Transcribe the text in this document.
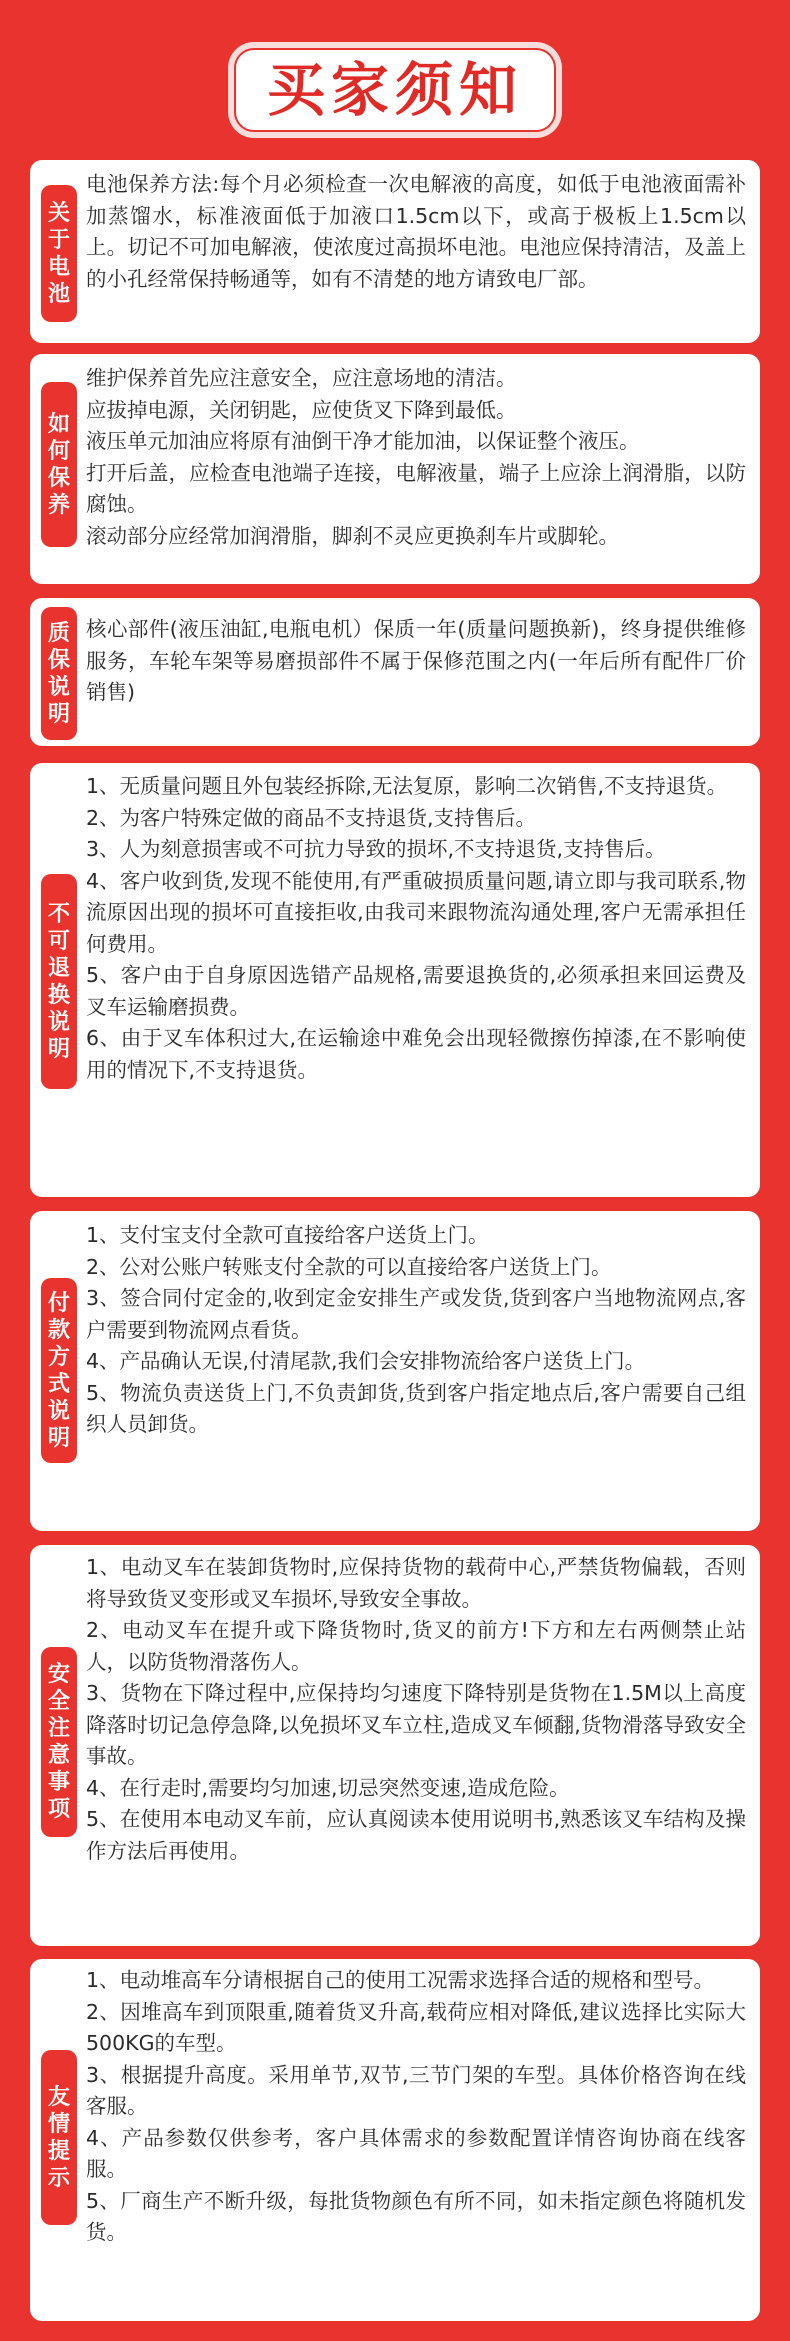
买家须知
关
于
电
池

电池保养方法:每个月必须检查一次电解液的高度，如低于电池液面需补加蒸馏水，标准液面低于加液口1.5cm以下，或高于极板上1.5cm以上。切记不可加电解液，使浓度过高损坏电池。电池应保持清洁，及盖上的小孔经常保持畅通等，如有不清楚的地方请致电厂部。

如
何
保
养

维护保养首先应注意安全，应注意场地的清洁。

应拔掉电源，关闭钥匙，应使货叉下降到最低。

液压单元加油应将原有油倒干净才能加油，以保证整个液压。

打开后盖，应检查电池端子连接，电解液量，端子上应涂上润滑脂，以防腐蚀。

滚动部分应经常加润滑脂，脚刹不灵应更换刹车片或脚轮。

质
保
说
明

核心部件(液压油缸,电瓶电机）保质一年(质量问题换新)，终身提供维修服务，车轮车架等易磨损部件不属于保修范围之内(一年后所有配件厂价销售)

不
可
退
换
说
明

1、无质量问题且外包装经拆除,无法复原，影响二次销售,不支持退货。

2、为客户特殊定做的商品不支持退货,支持售后。

3、人为刻意损害或不可抗力导致的损坏,不支持退货,支持售后。

4、客户收到货,发现不能使用,有严重破损质量问题,请立即与我司联系,物流原因出现的损坏可直接拒收,由我司来跟物流沟通处理,客户无需承担任何费用。

5、客户由于自身原因选错产品规格,需要退换货的,必须承担来回运费及叉车运输磨损费。

6、由于叉车体积过大,在运输途中难免会出现轻微擦伤掉漆,在不影响使用的情况下,不支持退货。

付
款
方
式
说
明

1、支付宝支付全款可直接给客户送货上门。

2、公对公账户转账支付全款的可以直接给客户送货上门。

3、签合同付定金的,收到定金安排生产或发货,货到客户当地物流网点,客户需要到物流网点看货。

4、产品确认无误,付清尾款,我们会安排物流给客户送货上门。

5、物流负责送货上门,不负责卸货,货到客户指定地点后,客户需要自己组织人员卸货。

安
全
注
意
事
项

1、电动叉车在装卸货物时,应保持货物的载荷中心,严禁货物偏载，否则将导致货叉变形或叉车损坏,导致安全事故。

2、电动叉车在提升或下降货物时,货叉的前方!下方和左右两侧禁止站人，以防货物滑落伤人。

3、货物在下降过程中,应保持均匀速度下降特别是货物在1.5M以上高度降落时切记急停急降,以免损坏叉车立柱,造成叉车倾翻,货物滑落导致安全事故。

4、在行走时,需要均匀加速,切忌突然变速,造成危险。

5、在使用本电动叉车前，应认真阅读本使用说明书,熟悉该叉车结构及操作方法后再使用。

友
情
提
示

1、电动堆高车分请根据自己的使用工况需求选择合适的规格和型号。

2、因堆高车到顶限重,随着货叉升高,载荷应相对降低,建议选择比实际大500KG的车型。

3、根据提升高度。采用单节,双节,三节门架的车型。具体价格咨询在线客服。

4、产品参数仅供参考，客户具体需求的参数配置详情咨询协商在线客服。

5、厂商生产不断升级，每批货物颜色有所不同，如未指定颜色将随机发货。
